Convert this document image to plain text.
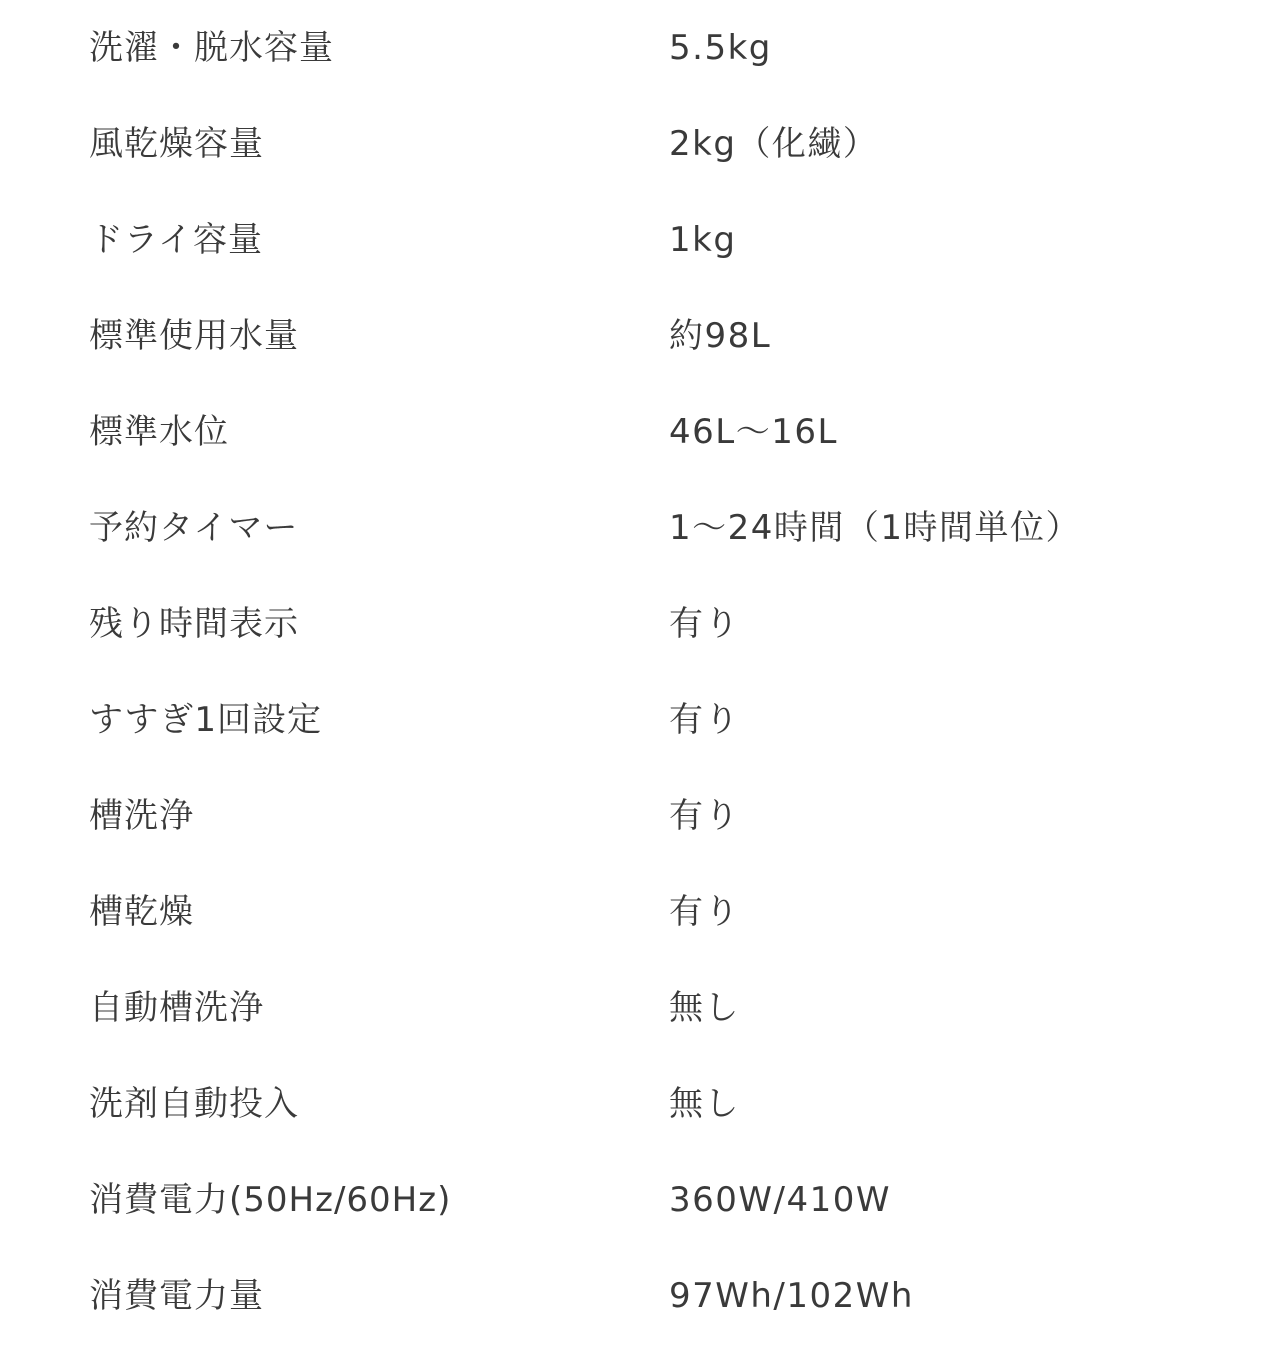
洗濯・脱水容量	5.5kg
風乾燥容量	2kg（化繊）
ドライ容量	1kg
標準使用水量	約98L
標準水位	46L～16L
予約タイマー	1～24時間（1時間単位）
残り時間表示	有り
すすぎ1回設定	有り
槽洗浄	有り
槽乾燥	有り
自動槽洗浄	無し
洗剤自動投入	無し
消費電力(50Hz/60Hz)	360W/410W
消費電力量	97Wh/102Wh
